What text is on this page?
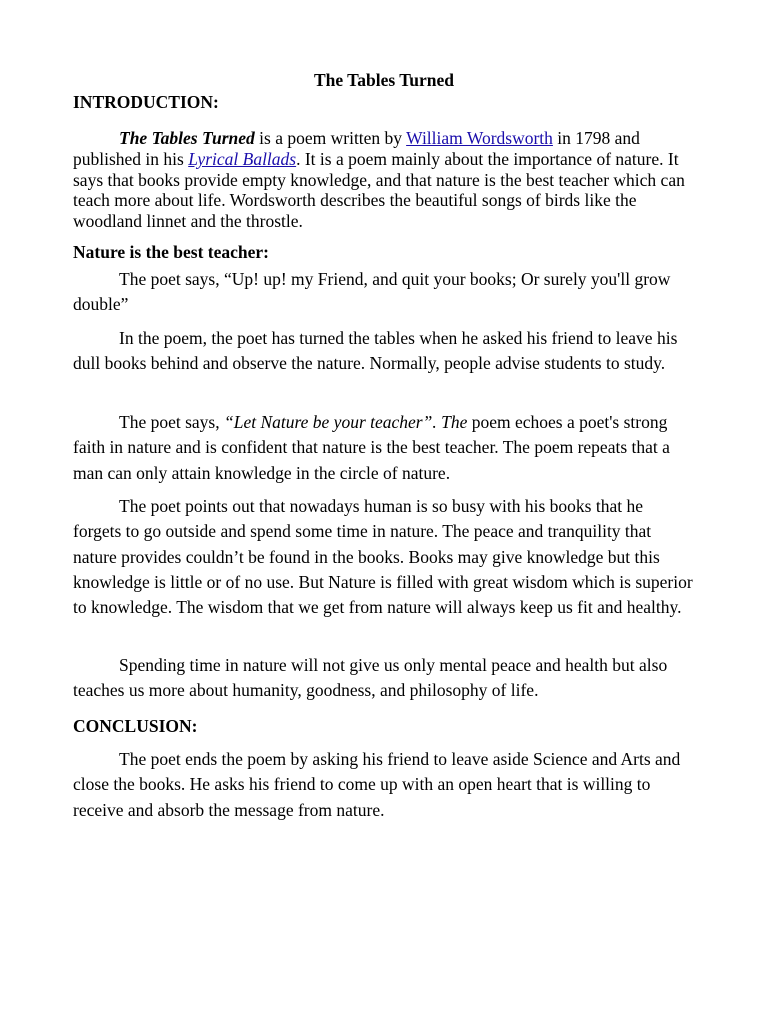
The Tables Turned
INTRODUCTION:

The Tables Turned is a poem written by William Wordsworth in 1798 and published in his Lyrical Ballads. It is a poem mainly about the importance of nature. It says that books provide empty knowledge, and that nature is the best teacher which can teach more about life. Wordsworth describes the beautiful songs of birds like the woodland linnet and the throstle.

Nature is the best teacher:

The poet says, “Up! up! my Friend, and quit your books; Or surely you'll grow double”

In the poem, the poet has turned the tables when he asked his friend to leave his dull books behind and observe the nature. Normally, people advise students to study.

The poet says, “Let Nature be your teacher”. The poem echoes a poet's strong faith in nature and is confident that nature is the best teacher. The poem repeats that a man can only attain knowledge in the circle of nature.

The poet points out that nowadays human is so busy with his books that he forgets to go outside and spend some time in nature. The peace and tranquility that nature provides couldn’t be found in the books. Books may give knowledge but this knowledge is little or of no use. But Nature is filled with great wisdom which is superior to knowledge. The wisdom that we get from nature will always keep us fit and healthy.

Spending time in nature will not give us only mental peace and health but also teaches us more about humanity, goodness, and philosophy of life.

CONCLUSION:

The poet ends the poem by asking his friend to leave aside Science and Arts and close the books. He asks his friend to come up with an open heart that is willing to receive and absorb the message from nature.
